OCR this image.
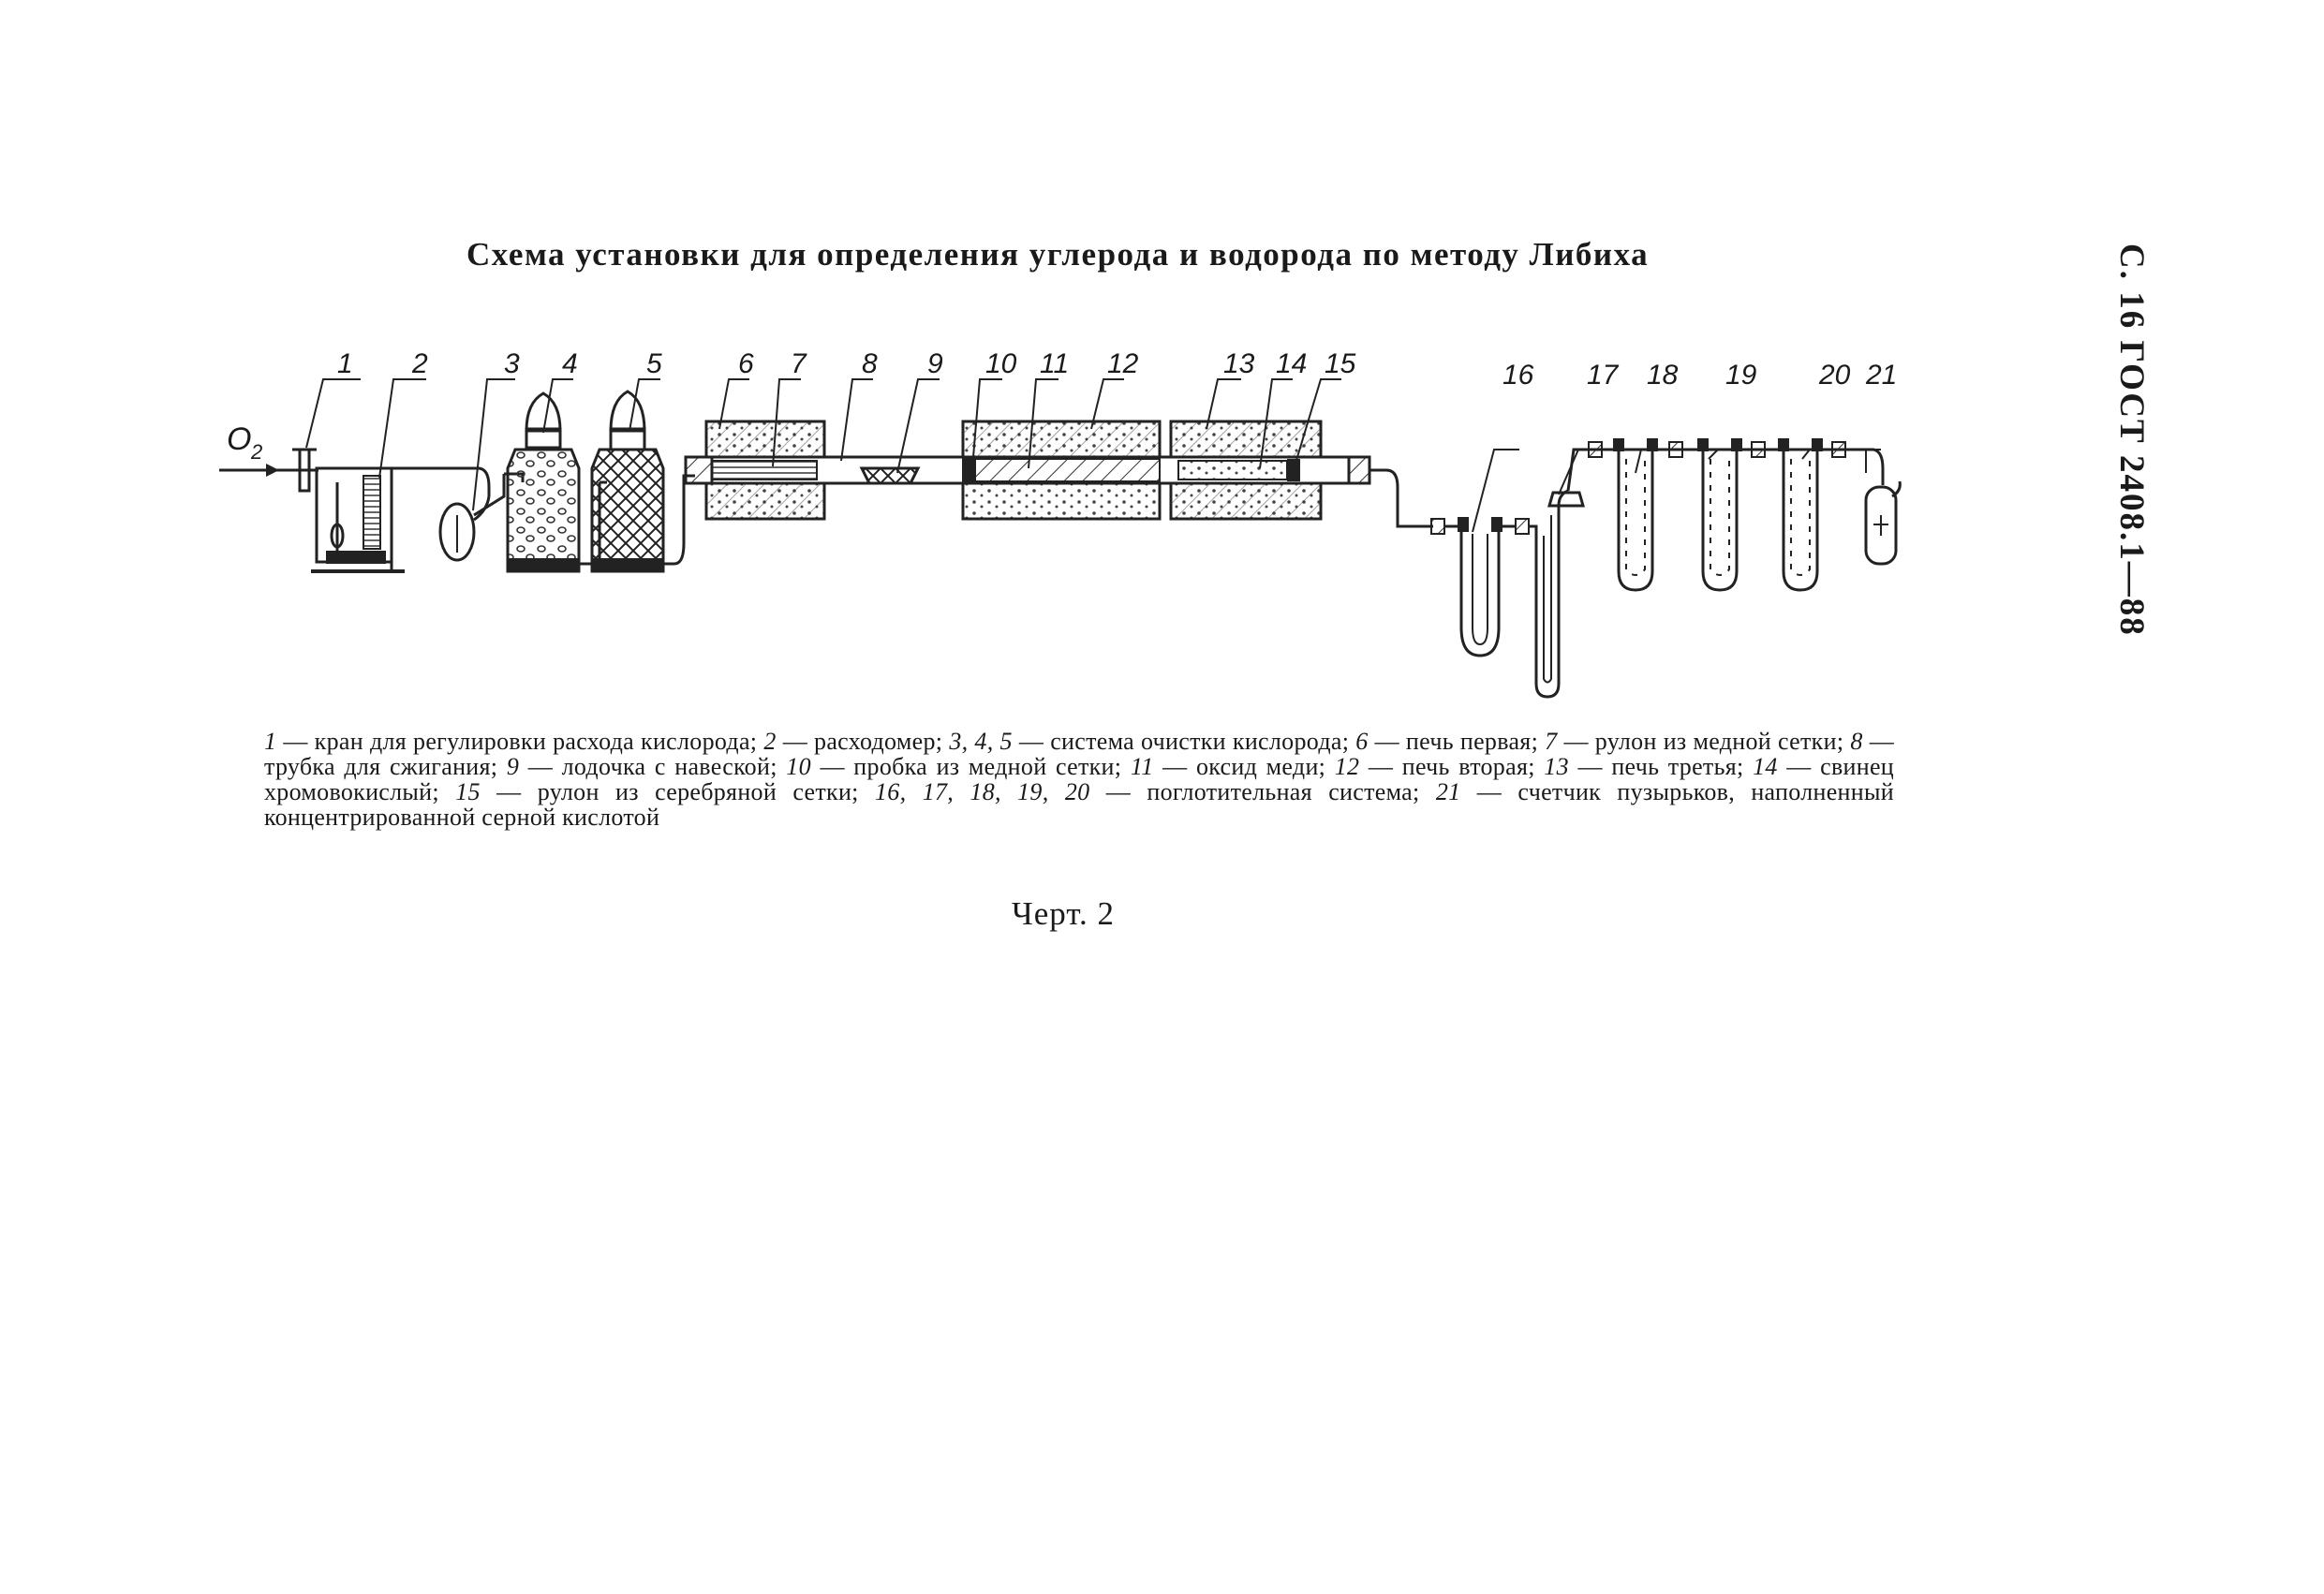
Схема установки для определения углерода и водорода по методу Либиха	С. 16 ГОСТ 2408.1—88
O 2
1 2	3 4 5	6 7 8 9 10 11 12	13 14 15	16 17 18 19 20 21
1 — кран для регулировки расхода кислорода; 2 — расходомер; 3, 4, 5 — система очистки кислорода; 6 — печь первая; 7 — рулон из медной сетки; 8 — трубка для сжигания; 9 — лодочка с навеской; 10 — пробка из медной сетки; 11 — оксид меди; 12 — печь вторая; 13 — печь третья; 14 — свинец хромовокислый; 15 — рулон из серебряной сетки; 16, 17, 18, 19, 20 — поглотительная система; 21 — счетчик пузырьков, наполненный концентрированной серной кислотой
Черт. 2
